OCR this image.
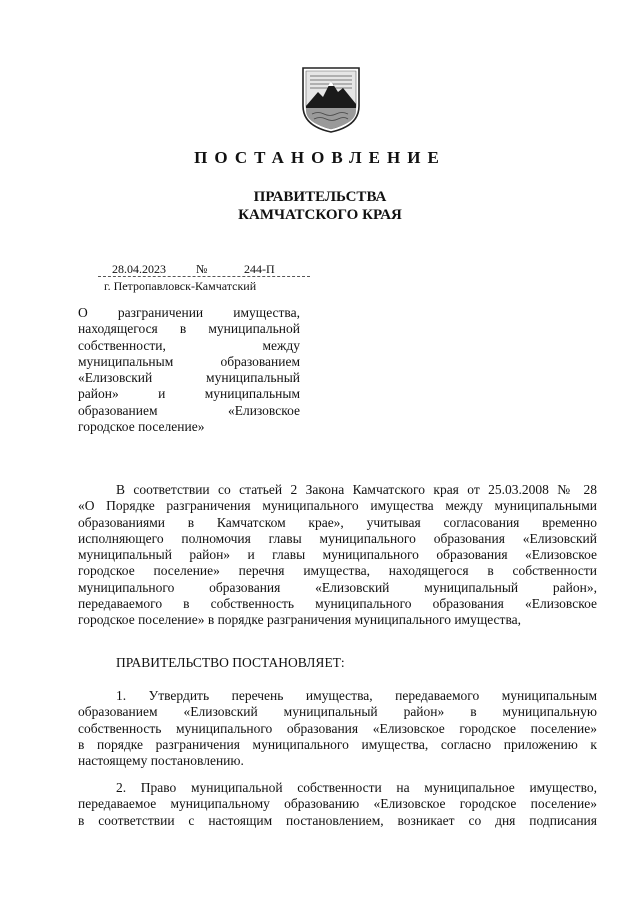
ПОСТАНОВЛЕНИЕ
ПРАВИТЕЛЬСТВА
КАМЧАТСКОГО КРАЯ
28.04.2023	№	244-П
г. Петропавловск-Камчатский
О разграничении имущества,
находящегося в муниципальной
собственности, между
муниципальным образованием
«Елизовский муниципальный
район» и муниципальным
образованием «Елизовское
городское поселение»
В соответствии со статьей 2 Закона Камчатского края от 25.03.2008 № 28
«О Порядке разграничения муниципального имущества между муниципальными
образованиями в Камчатском крае», учитывая согласования временно
исполняющего полномочия главы муниципального образования «Елизовский
муниципальный район» и главы муниципального образования «Елизовское
городское поселение» перечня имущества, находящегося в собственности
муниципального образования «Елизовский муниципальный район»,
передаваемого в собственность муниципального образования «Елизовское
городское поселение» в порядке разграничения муниципального имущества,
ПРАВИТЕЛЬСТВО ПОСТАНОВЛЯЕТ:
1. Утвердить перечень имущества, передаваемого муниципальным
образованием «Елизовский муниципальный район» в муниципальную
собственность муниципального образования «Елизовское городское поселение»
в порядке разграничения муниципального имущества, согласно приложению к
настоящему постановлению.
2. Право муниципальной собственности на муниципальное имущество,
передаваемое муниципальному образованию «Елизовское городское поселение»
в соответствии с настоящим постановлением, возникает со дня подписания
